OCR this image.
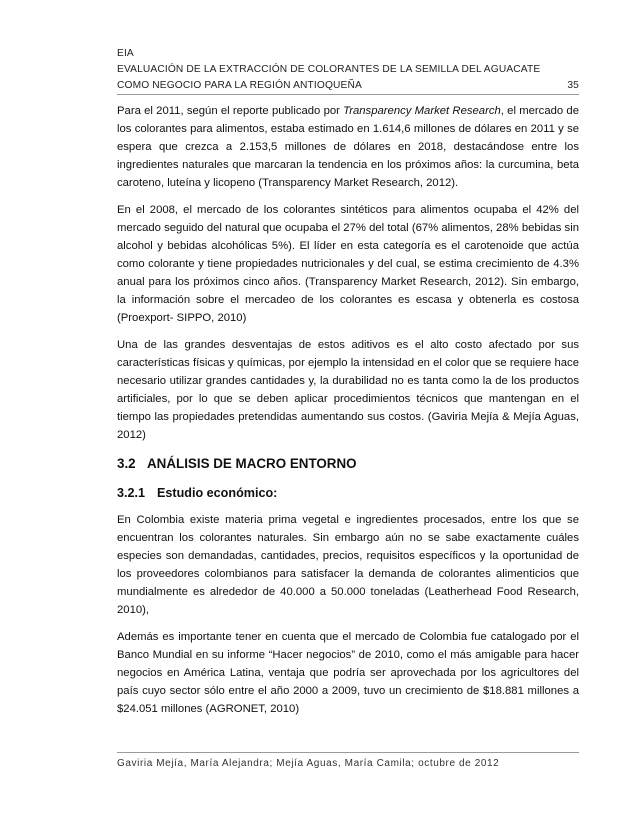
EIA
EVALUACIÓN DE LA EXTRACCIÓN DE COLORANTES DE LA SEMILLA DEL AGUACATE
COMO NEGOCIO PARA LA REGIÓN ANTIOQUEÑA	35

Para el 2011, según el reporte publicado por Transparency Market Research, el mercado de los colorantes para alimentos, estaba estimado en 1.614,6 millones de dólares en 2011 y se espera que crezca a 2.153,5 millones de dólares en 2018, destacándose entre los ingredientes naturales que marcaran la tendencia en los próximos años: la curcumina, beta caroteno, luteína y licopeno (Transparency Market Research, 2012).

En el 2008, el mercado de los colorantes sintéticos para alimentos ocupaba el 42% del mercado seguido del natural que ocupaba el 27% del total (67% alimentos, 28% bebidas sin alcohol y bebidas alcohólicas 5%). El líder en esta categoría es el carotenoide que actúa como colorante y tiene propiedades nutricionales y del cual, se estima crecimiento de 4.3% anual para los próximos cinco años. (Transparency Market Research, 2012). Sin embargo, la información sobre el mercadeo de los colorantes es escasa y obtenerla es costosa (Proexport- SIPPO, 2010)

Una de las grandes desventajas de estos aditivos es el alto costo afectado por sus características físicas y químicas, por ejemplo la intensidad en el color que se requiere hace necesario utilizar grandes cantidades y, la durabilidad no es tanta como la de los productos artificiales, por lo que se deben aplicar procedimientos técnicos que mantengan en el tiempo las propiedades pretendidas aumentando sus costos. (Gaviria Mejía & Mejía Aguas, 2012)

3.2 ANÁLISIS DE MACRO ENTORNO
3.2.1 Estudio económico:

En Colombia existe materia prima vegetal e ingredientes procesados, entre los que se encuentran los colorantes naturales. Sin embargo aún no se sabe exactamente cuáles especies son demandadas, cantidades, precios, requisitos específicos y la oportunidad de los proveedores colombianos para satisfacer la demanda de colorantes alimenticios que mundialmente es alrededor de 40.000 a 50.000 toneladas (Leatherhead Food Research, 2010),

Además es importante tener en cuenta que el mercado de Colombia fue catalogado por el Banco Mundial en su informe “Hacer negocios” de 2010, como el más amigable para hacer negocios en América Latina, ventaja que podría ser aprovechada por los agricultores del país cuyo sector sólo entre el año 2000 a 2009, tuvo un crecimiento de $18.881 millones a $24.051 millones (AGRONET, 2010)

Gaviria Mejía, María Alejandra; Mejía Aguas, María Camila; octubre de 2012
